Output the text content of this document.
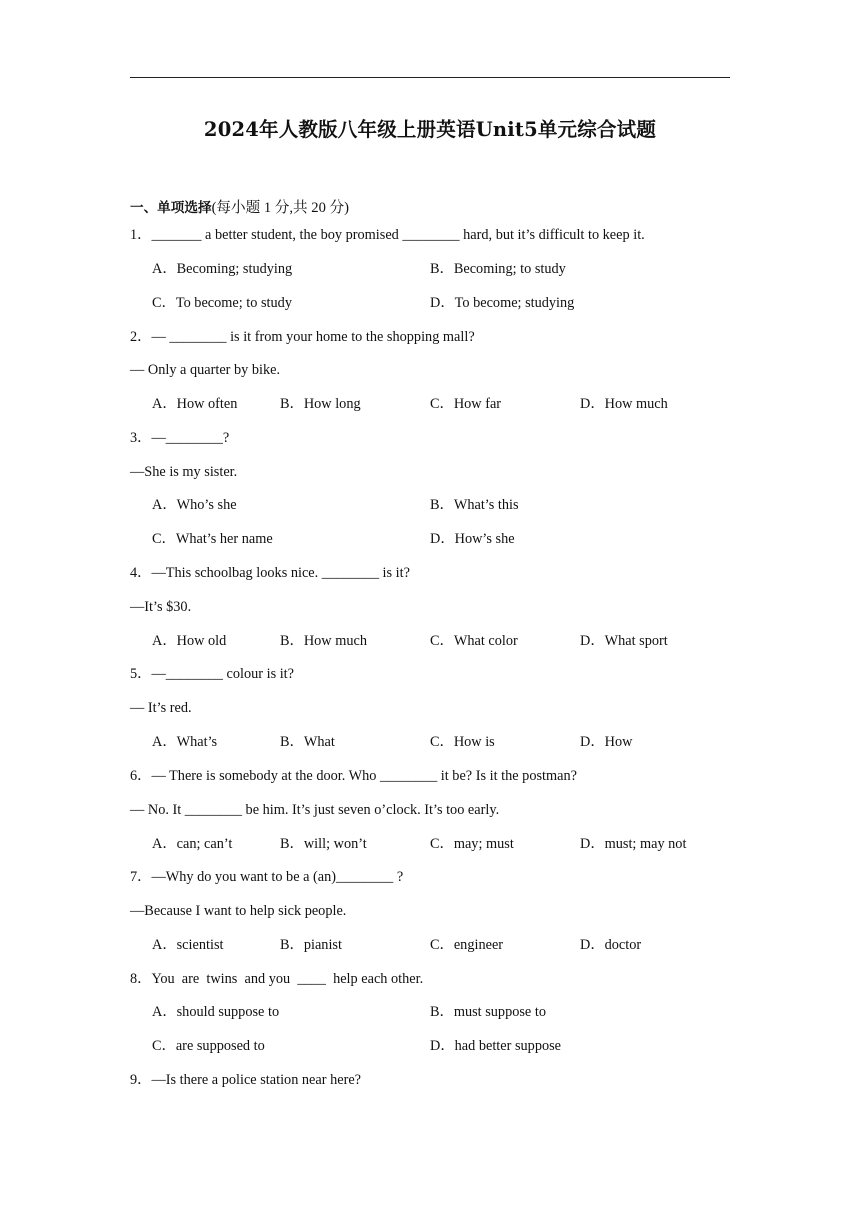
2024年人教版八年级上册英语Unit5单元综合试题
一、单项选择(每小题 1 分,共 20 分)
1．_______ a better student, the boy promised ________ hard, but it’s difficult to keep it.
A．Becoming; studying	B．Becoming; to study
C．To become; to study	D．To become; studying
2．— ________ is it from your home to the shopping mall?
— Only a quarter by bike.
A．How often	B．How long	C．How far	D．How much
3．—________?
—She is my sister.
A．Who’s she	B．What’s this
C．What’s her name	D．How’s she
4．—This schoolbag looks nice. ________ is it?
—It’s $30.
A．How old	B．How much	C．What color	D．What sport
5．—________ colour is it?
— It’s red.
A．What’s	B．What	C．How is	D．How
6．— There is somebody at the door. Who ________ it be? Is it the postman?
— No. It ________ be him. It’s just seven o’clock. It’s too early.
A．can; can’t	B．will; won’t	C．may; must	D．must; may not
7．—Why do you want to be a (an)________ ?
—Because I want to help sick people.
A．scientist	B．pianist	C．engineer	D．doctor
8．You  are  twins  and you  ____  help each other.
A．should suppose to	B．must suppose to
C．are supposed to	D．had better suppose
9．—Is there a police station near here?
